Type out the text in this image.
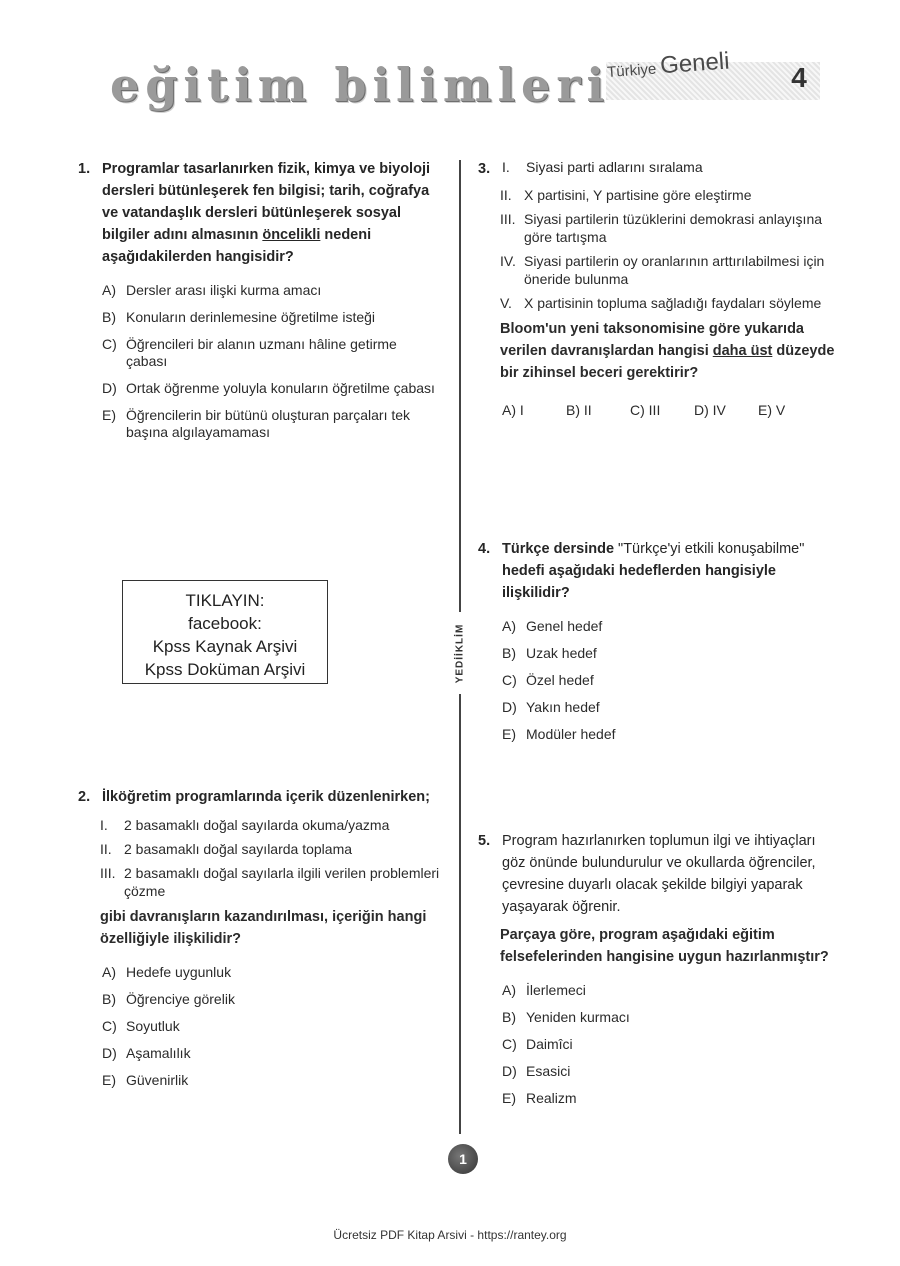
eğitim bilimleri
Türkiye Geneli 4
1. Programlar tasarlanırken fizik, kimya ve biyoloji dersleri bütünleşerek fen bilgisi; tarih, coğrafya ve vatandaşlık dersleri bütünleşerek sosyal bilgiler adını almasının öncelikli nedeni aşağıdakilerden hangisidir?
A) Dersler arası ilişki kurma amacı
B) Konuların derinlemesine öğretilme isteği
C) Öğrencileri bir alanın uzmanı hâline getirme çabası
D) Ortak öğrenme yoluyla konuların öğretilme çabası
E) Öğrencilerin bir bütünü oluşturan parçaları tek başına algılayamaması
2. İlköğretim programlarında içerik düzenlenirken;
I.	2 basamaklı doğal sayılarda okuma/yazma
II. 2 basamaklı doğal sayılarda toplama
III. 2 basamaklı doğal sayılarla ilgili verilen problemleri çözme
gibi davranışların kazandırılması, içeriğin hangi özelliğiyle ilişkilidir?
A) Hedefe uygunluk
B) Öğrenciye görelik
C) Soyutluk
D) Aşamalılık
E) Güvenirlik
TIKLAYIN:
facebook:
Kpss Kaynak Arşivi
Kpss Doküman Arşivi	YEDİİKLİM
3. I.	Siyasi parti adlarını sıralama
II. X partisini, Y partisine göre eleştirme
III. Siyasi partilerin tüzüklerini demokrasi anlayışına göre tartışma
IV. Siyasi partilerin oy oranlarının arttırılabilmesi için öneride bulunma
V. X partisinin topluma sağladığı faydaları söyleme
Bloom'un yeni taksonomisine göre yukarıda verilen davranışlardan hangisi daha üst düzeyde bir zihinsel beceri gerektirir?
A) I	B) II	C) III	D) IV	E) V
4. Türkçe dersinde "Türkçe'yi etkili konuşabilme" hedefi aşağıdaki hedeflerden hangisiyle ilişkilidir?
A) Genel hedef
B) Uzak hedef
C) Özel hedef
D) Yakın hedef
E) Modüler hedef
5. Program hazırlanırken toplumun ilgi ve ihtiyaçları göz önünde bulundurulur ve okullarda öğrenciler, çevresine duyarlı olacak şekilde bilgiyi yaparak yaşayarak öğrenir.
Parçaya göre, program aşağıdaki eğitim felsefelerinden hangisine uygun hazırlanmıştır?
A) İlerlemeci
B) Yeniden kurmacı
C) Daimîci
D) Esasici
E) Realizm
1
Ücretsiz PDF Kitap Arsivi - https://rantey.org
